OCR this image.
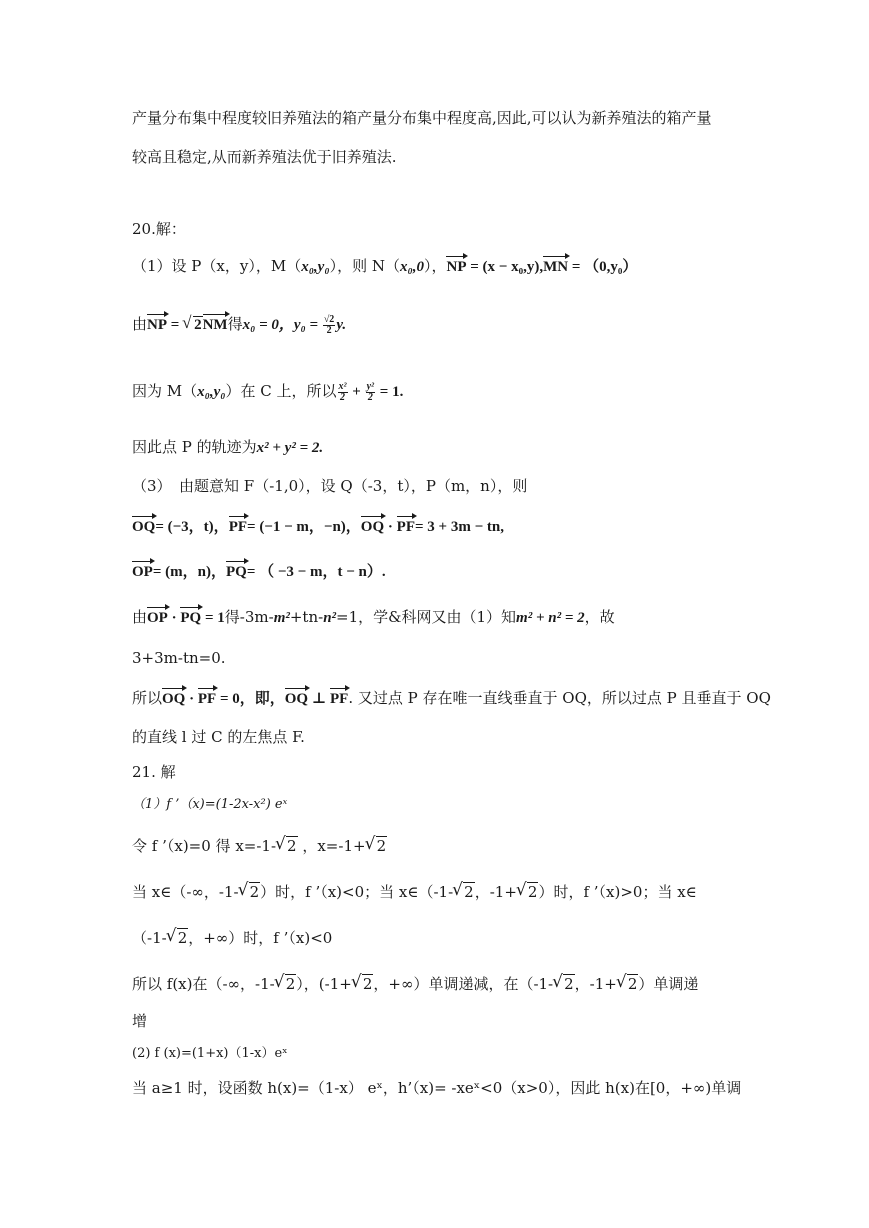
产量分布集中程度较旧养殖法的箱产量分布集中程度高,因此,可以认为新养殖法的箱产量
较高且稳定,从而新养殖法优于旧养殖法.
20.解：
（1）设 P（x，y），M（x₀,y₀），则 N（x₀,0），NP = (x − x₀,y),MN = （0,y₀）
由NP = √ 2NM得x₀ = 0，$y_0 = \frac{√2}{2} y$.
因为 M（x₀,y₀）在 C 上，所以 $\frac{\text{x²}}{2} + \frac{\text{y²}}{2} = 1$.
因此点 P 的轨迹为x² + y² = 2.
（3）　由题意知 F（-1,0），设 Q（-3，t），P（m，n），则
OQ= (−3，t)，PF= (−1 − m，−n)，OQ · PF= 3 + 3m − tn,
OP= (m，n)，PQ= （ −3 − m，t − n）.
由OP · PQ = 1得-3m-m²+tn-n²=1，学&科网又由（1）知m² + n² = 2，故
3+3m-tn=0.
所以OQ · PF = 0，即，OQ ⊥ PF. 又过点 P 存在唯一直线垂直于 OQ，所以过点 P 且垂直于 OQ
的直线 l 过 C 的左焦点 F.
21. 解
（1）f ’（x)=(1-2x-x²) eˣ
令 f ’（x)=0 得 x=-1- √ 2 ，x=-1+ √ 2
当 x∈（-∞，-1- √ 2）时，f ’（x)<0；当 x∈（-1- √ 2，-1+ √ 2）时，f ’（x)>0；当 x∈
（-1- √ 2，+∞）时，f ’（x)<0
所以 f(x)在（-∞，-1- √ 2），(-1+ √ 2，+∞）单调递减，在（-1- √ 2，-1+ √ 2）单调递
增
(2) f (x)=(1+x)（1-x）eˣ
当 a≥1 时，设函数 h(x)=（1-x） eˣ，h’（x)= -xeˣ<0（x>0），因此 h(x)在[0，+∞)单调
